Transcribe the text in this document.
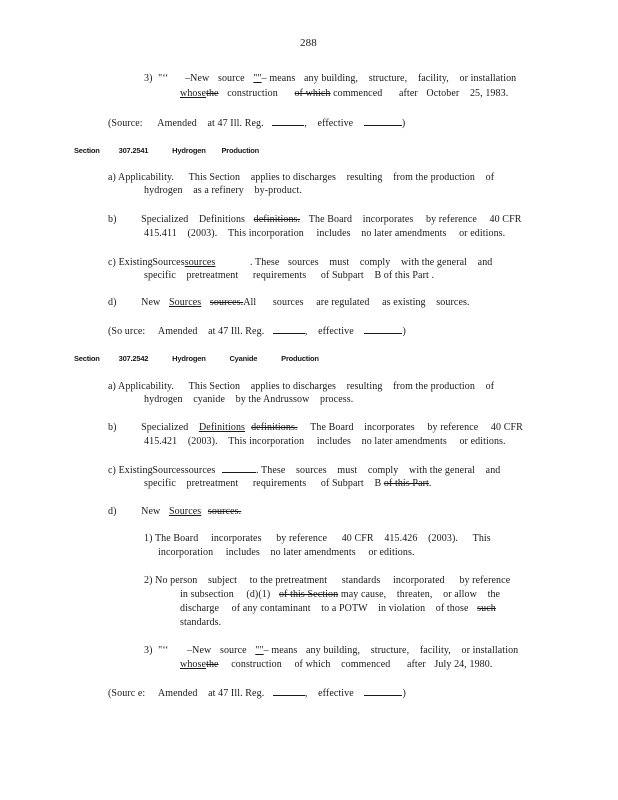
288
3) "‘‘ –New source ""– means any building, structure, facility, or installation
whosethe construction of which commenced after October 25, 1983.
(Source: Amended at 47 Ill. Reg.	, effective	)
Section	307.2541	Hydrogen Production
a) Applicability. This Section applies to discharges resulting from the production of
hydrogen as a refinery by-product.
b) Specialized Definitions definitions. The Board incorporates by reference 40 CFR
415.411 (2003). This incorporation includes no later amendments or editions.
c) Existing Sourcessources	. These sources must comply with the general and
specific pretreatment requirements of Subpart B of this Part .
d) New Sources sources.All sources are regulated as existing sources.
(So urce: Amended at 47 Ill. Reg.	, effective	)
Section	307.2542	Hydrogen	Cyanide	Production
a) Applicability. This Section applies to discharges resulting from the production of
hydrogen cyanide by the Andrussow process.
b) Specialized Definitions definitions. The Board incorporates by reference 40 CFR
415.421 (2003). This incorporation includes no later amendments or editions.
c) Existing Sourcessources	. These sources must comply with the general and
specific pretreatment requirements of Subpart B of this Part.
d) New Sources sources.
1) The Board incorporates by reference 40 CFR 415.426 (2003). This
incorporation includes no later amendments or editions.
2) No person subject to the pretreatment standards incorporated by reference
in subsection (d)(1) of this Section may cause, threaten, or allow the
discharge of any contaminant to a POTW in violation of those such
standards.
3) "‘‘ –New source ""– means any building, structure, facility, or installation
whosethe construction of which commenced after July 24, 1980.
(Sourc e: Amended at 47 Ill. Reg.	, effective	)
